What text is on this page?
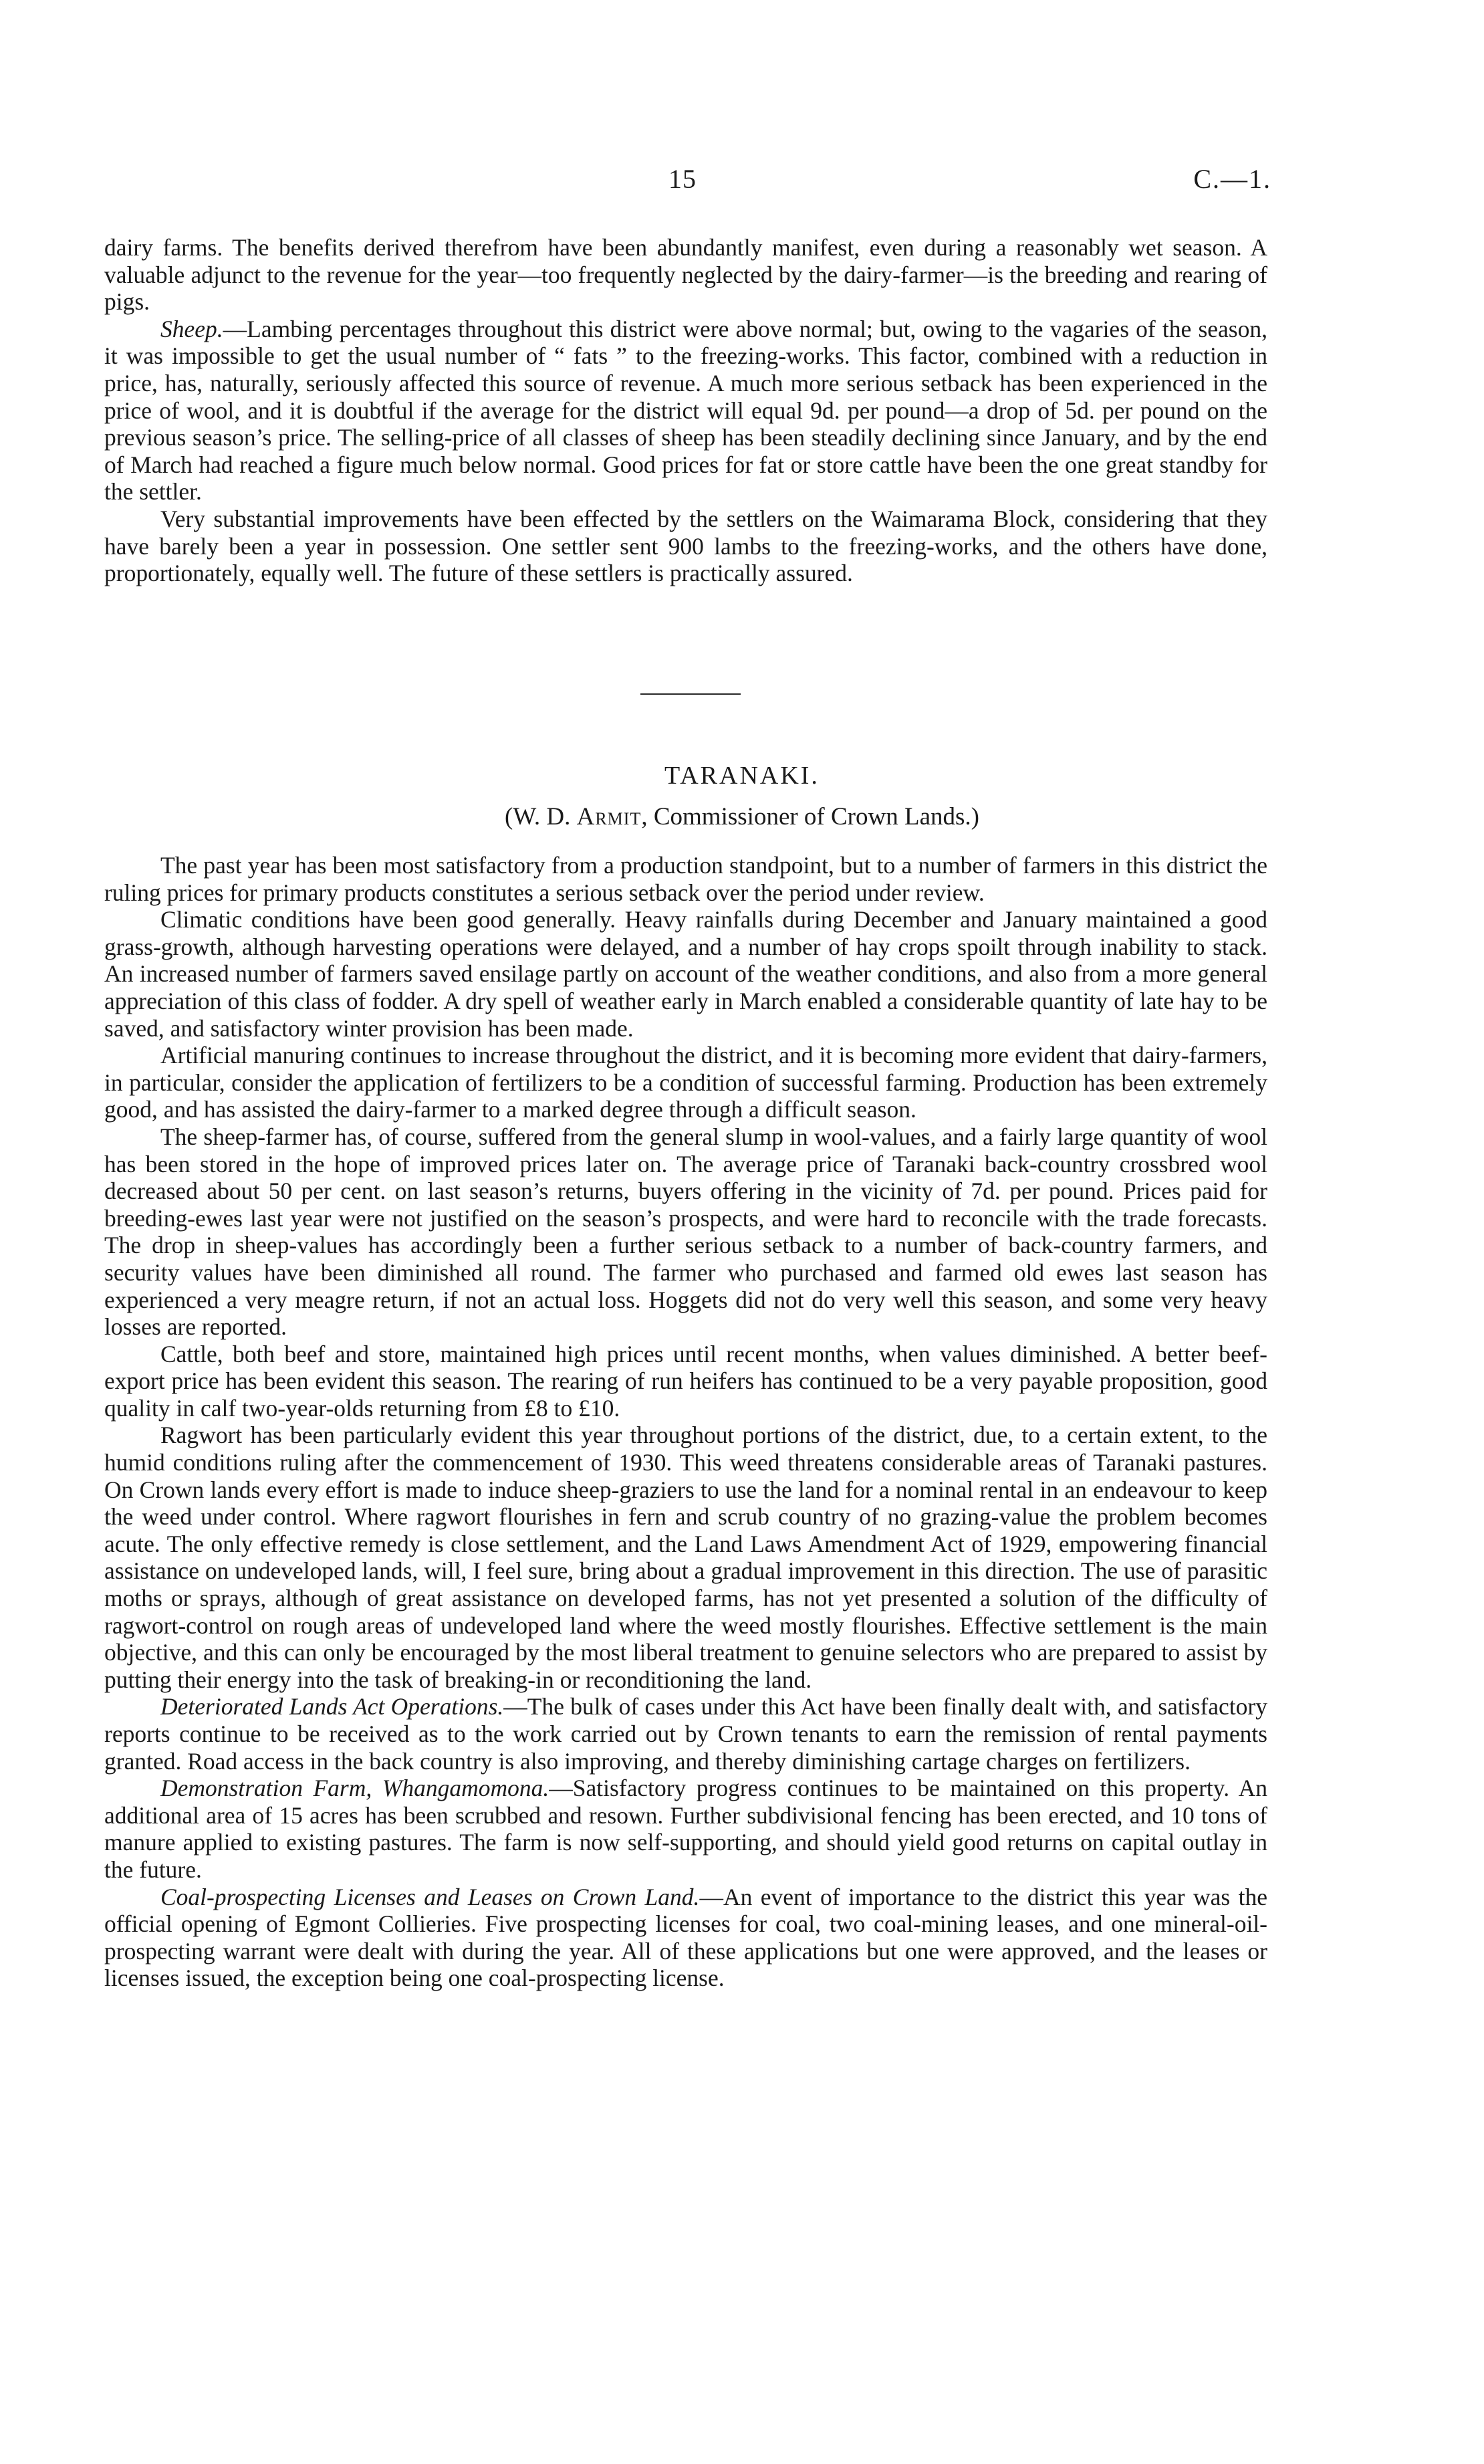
15	C.—1.

dairy farms. The benefits derived therefrom have been abundantly manifest, even during a reasonably wet season. A valuable adjunct to the revenue for the year—too frequently neglected by the dairy-farmer—is the breeding and rearing of pigs.

Sheep.—Lambing percentages throughout this district were above normal; but, owing to the vagaries of the season, it was impossible to get the usual number of “ fats ” to the freezing-works. This factor, combined with a reduction in price, has, naturally, seriously affected this source of revenue. A much more serious setback has been experienced in the price of wool, and it is doubtful if the average for the district will equal 9d. per pound—a drop of 5d. per pound on the previous season’s price. The selling-price of all classes of sheep has been steadily declining since January, and by the end of March had reached a figure much below normal. Good prices for fat or store cattle have been the one great standby for the settler.

Very substantial improvements have been effected by the settlers on the Waimarama Block, considering that they have barely been a year in possession. One settler sent 900 lambs to the freezing-works, and the others have done, proportionately, equally well. The future of these settlers is practically assured.

TARANAKI.
(W. D. Armit, Commissioner of Crown Lands.)

The past year has been most satisfactory from a production standpoint, but to a number of farmers in this district the ruling prices for primary products constitutes a serious setback over the period under review.

Climatic conditions have been good generally. Heavy rainfalls during December and January maintained a good grass-growth, although harvesting operations were delayed, and a number of hay crops spoilt through inability to stack. An increased number of farmers saved ensilage partly on account of the weather conditions, and also from a more general appreciation of this class of fodder. A dry spell of weather early in March enabled a considerable quantity of late hay to be saved, and satisfactory winter provision has been made.

Artificial manuring continues to increase throughout the district, and it is becoming more evident that dairy-farmers, in particular, consider the application of fertilizers to be a condition of successful farming. Production has been extremely good, and has assisted the dairy-farmer to a marked degree through a difficult season.

The sheep-farmer has, of course, suffered from the general slump in wool-values, and a fairly large quantity of wool has been stored in the hope of improved prices later on. The average price of Taranaki back-country crossbred wool decreased about 50 per cent. on last season’s returns, buyers offering in the vicinity of 7d. per pound. Prices paid for breeding-ewes last year were not justified on the season’s prospects, and were hard to reconcile with the trade forecasts. The drop in sheep-values has accordingly been a further serious setback to a number of back-country farmers, and security values have been diminished all round. The farmer who purchased and farmed old ewes last season has experienced a very meagre return, if not an actual loss. Hoggets did not do very well this season, and some very heavy losses are reported.

Cattle, both beef and store, maintained high prices until recent months, when values diminished. A better beef-export price has been evident this season. The rearing of run heifers has continued to be a very payable proposition, good quality in calf two-year-olds returning from £8 to £10.

Ragwort has been particularly evident this year throughout portions of the district, due, to a certain extent, to the humid conditions ruling after the commencement of 1930. This weed threatens considerable areas of Taranaki pastures. On Crown lands every effort is made to induce sheep-graziers to use the land for a nominal rental in an endeavour to keep the weed under control. Where ragwort flourishes in fern and scrub country of no grazing-value the problem becomes acute. The only effective remedy is close settlement, and the Land Laws Amendment Act of 1929, empowering financial assistance on undeveloped lands, will, I feel sure, bring about a gradual improvement in this direction. The use of parasitic moths or sprays, although of great assistance on developed farms, has not yet presented a solution of the difficulty of ragwort-control on rough areas of undeveloped land where the weed mostly flourishes. Effective settlement is the main objective, and this can only be encouraged by the most liberal treatment to genuine selectors who are prepared to assist by putting their energy into the task of breaking-in or reconditioning the land.

Deteriorated Lands Act Operations.—The bulk of cases under this Act have been finally dealt with, and satisfactory reports continue to be received as to the work carried out by Crown tenants to earn the remission of rental payments granted. Road access in the back country is also improving, and thereby diminishing cartage charges on fertilizers.

Demonstration Farm, Whangamomona.—Satisfactory progress continues to be maintained on this property. An additional area of 15 acres has been scrubbed and resown. Further subdivisional fencing has been erected, and 10 tons of manure applied to existing pastures. The farm is now self-supporting, and should yield good returns on capital outlay in the future.

Coal-prospecting Licenses and Leases on Crown Land.—An event of importance to the district this year was the official opening of Egmont Collieries. Five prospecting licenses for coal, two coal-mining leases, and one mineral-oil-prospecting warrant were dealt with during the year. All of these applications but one were approved, and the leases or licenses issued, the exception being one coal-prospecting license.
